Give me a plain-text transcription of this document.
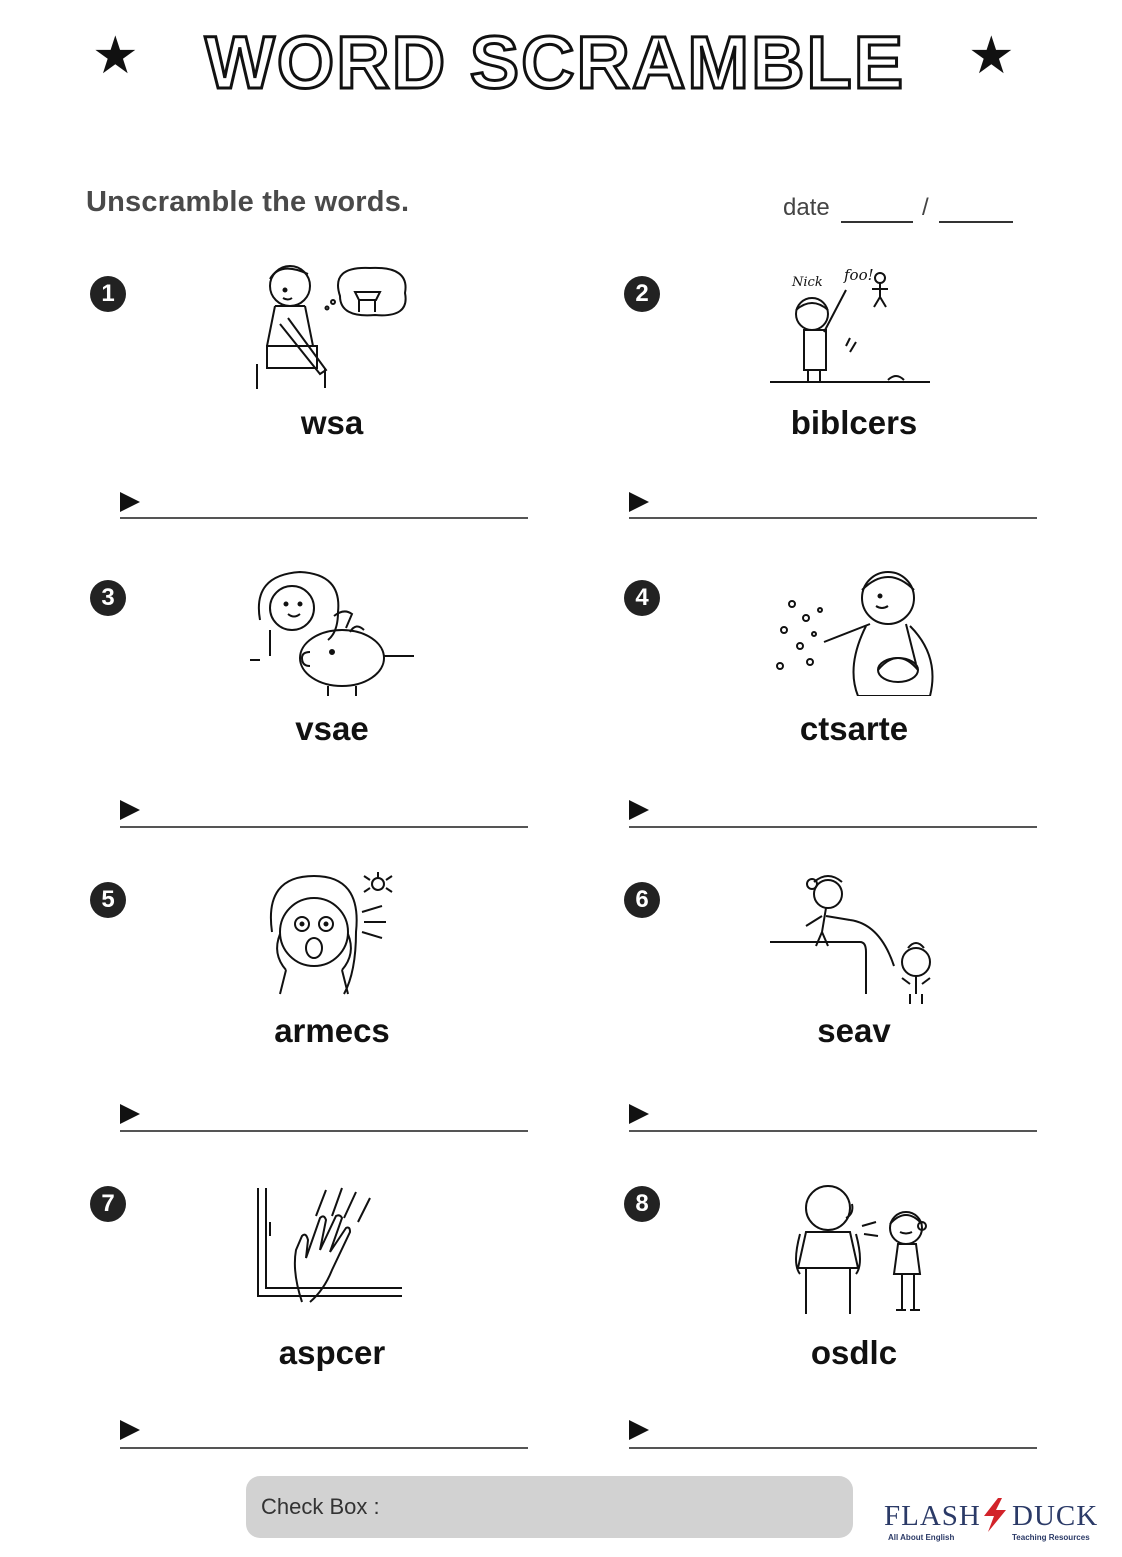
★ WORD SCRAMBLE ★
Unscramble the words.	date	/
1
wsa
2	Nick foo!
biblcers
3
vsae
4
ctsarte
5
armecs
6
seav
7
aspcer
8
osdlc
Check Box :	FLASH DUCK
All About English	Teaching Resources
